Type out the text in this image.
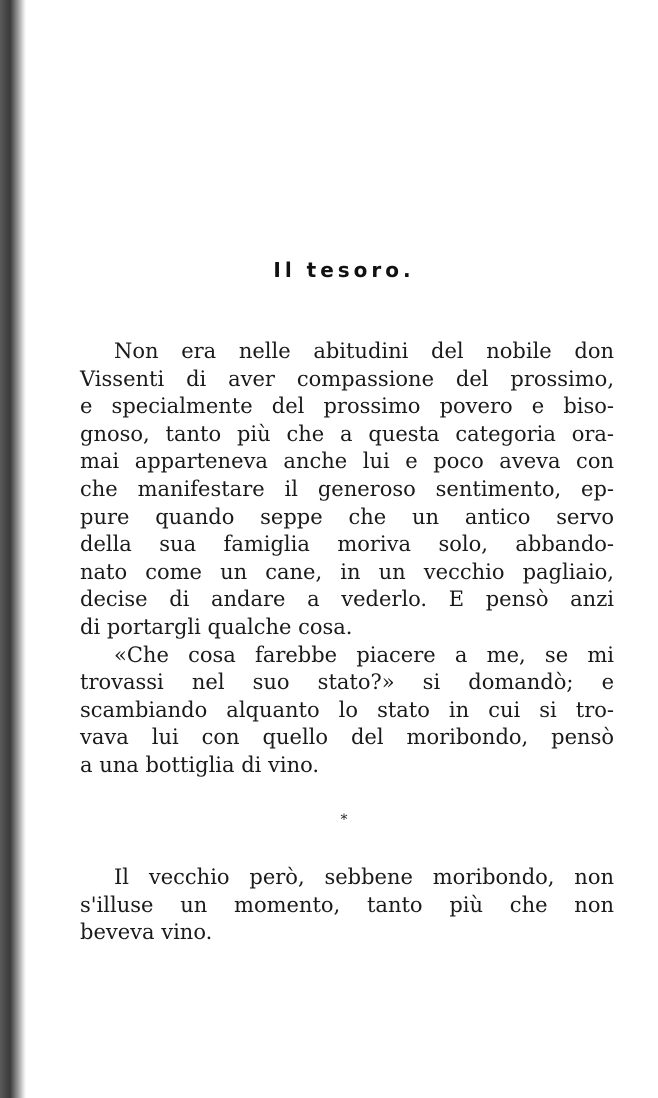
Il tesoro.
Non era nelle abitudini del nobile don
Vissenti di aver compassione del prossimo,
e specialmente del prossimo povero e biso-
gnoso, tanto più che a questa categoria ora-
mai apparteneva anche lui e poco aveva con
che manifestare il generoso sentimento, ep-
pure quando seppe che un antico servo
della sua famiglia moriva solo, abbando-
nato come un cane, in un vecchio pagliaio,
decise di andare a vederlo. E pensò anzi
di portargli qualche cosa.
«Che cosa farebbe piacere a me, se mi
trovassi nel suo stato?» si domandò; e
scambiando alquanto lo stato in cui si tro-
vava lui con quello del moribondo, pensò
a una bottiglia di vino.
*
Il vecchio però, sebbene moribondo, non
s'illuse un momento, tanto più che non
beveva vino.
